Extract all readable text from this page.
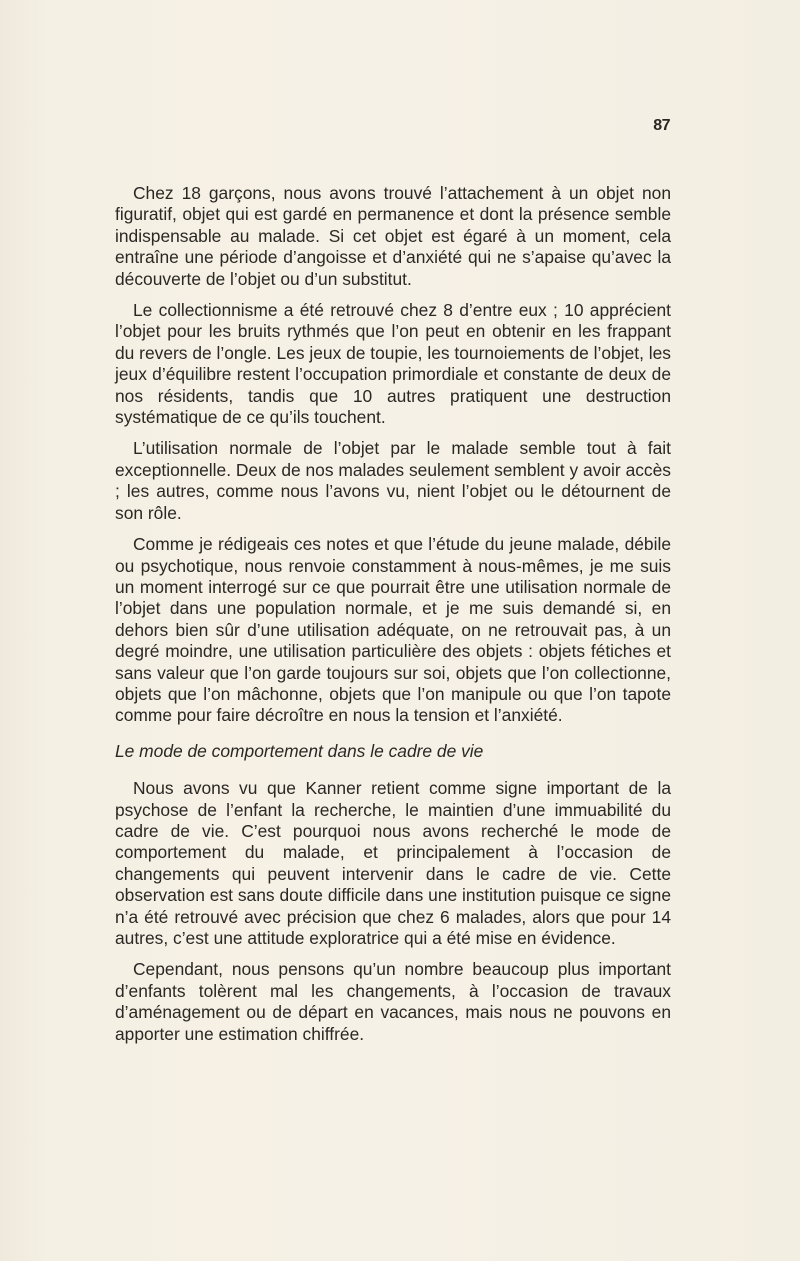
87

Chez 18 garçons, nous avons trouvé l’attachement à un objet non figuratif, objet qui est gardé en permanence et dont la présence semble indispensable au malade. Si cet objet est égaré à un moment, cela entraîne une période d’angoisse et d’anxiété qui ne s’apaise qu’avec la découverte de l’objet ou d’un substitut.

Le collectionnisme a été retrouvé chez 8 d’entre eux ; 10 apprécient l’objet pour les bruits rythmés que l’on peut en obtenir en les frappant du revers de l’ongle. Les jeux de toupie, les tournoiements de l’objet, les jeux d’équilibre restent l’occupation primordiale et constante de deux de nos résidents, tandis que 10 autres pratiquent une destruction systématique de ce qu’ils touchent.

L’utilisation normale de l’objet par le malade semble tout à fait exceptionnelle. Deux de nos malades seulement semblent y avoir accès ; les autres, comme nous l’avons vu, nient l’objet ou le détournent de son rôle.

Comme je rédigeais ces notes et que l’étude du jeune malade, débile ou psychotique, nous renvoie constamment à nous-mêmes, je me suis un moment interrogé sur ce que pourrait être une utilisation normale de l’objet dans une population normale, et je me suis demandé si, en dehors bien sûr d’une utilisation adéquate, on ne retrouvait pas, à un degré moindre, une utilisation particulière des objets : objets fétiches et sans valeur que l’on garde toujours sur soi, objets que l’on collectionne, objets que l’on mâchonne, objets que l’on manipule ou que l’on tapote comme pour faire décroître en nous la tension et l’anxiété.

Le mode de comportement dans le cadre de vie

Nous avons vu que Kanner retient comme signe important de la psychose de l’enfant la recherche, le maintien d’une immuabilité du cadre de vie. C’est pourquoi nous avons recherché le mode de comportement du malade, et principalement à l’occasion de changements qui peuvent intervenir dans le cadre de vie. Cette observation est sans doute difficile dans une institution puisque ce signe n’a été retrouvé avec précision que chez 6 malades, alors que pour 14 autres, c’est une attitude exploratrice qui a été mise en évidence.

Cependant, nous pensons qu’un nombre beaucoup plus important d’enfants tolèrent mal les changements, à l’occasion de travaux d’aménagement ou de départ en vacances, mais nous ne pouvons en apporter une estimation chiffrée.
